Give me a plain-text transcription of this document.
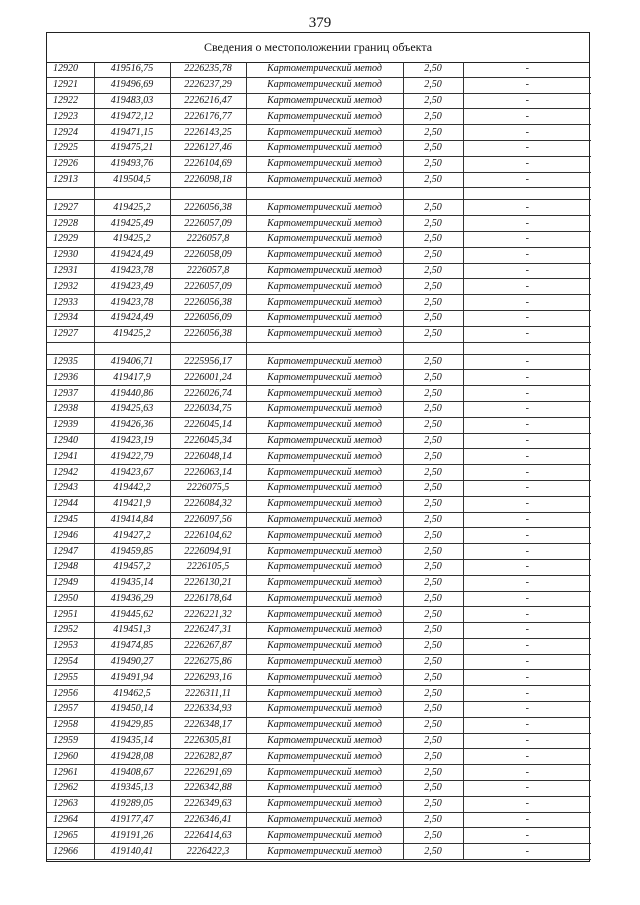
379
Сведения о местоположении границ объекта
12920	419516,75	2226235,78	Картометрический метод	2,50	-
12921	419496,69	2226237,29	Картометрический метод	2,50	-
12922	419483,03	2226216,47	Картометрический метод	2,50	-
12923	419472,12	2226176,77	Картометрический метод	2,50	-
12924	419471,15	2226143,25	Картометрический метод	2,50	-
12925	419475,21	2226127,46	Картометрический метод	2,50	-
12926	419493,76	2226104,69	Картометрический метод	2,50	-
12913	419504,5	2226098,18	Картометрический метод	2,50	-

12927	419425,2	2226056,38	Картометрический метод	2,50	-
12928	419425,49	2226057,09	Картометрический метод	2,50	-
12929	419425,2	2226057,8	Картометрический метод	2,50	-
12930	419424,49	2226058,09	Картометрический метод	2,50	-
12931	419423,78	2226057,8	Картометрический метод	2,50	-
12932	419423,49	2226057,09	Картометрический метод	2,50	-
12933	419423,78	2226056,38	Картометрический метод	2,50	-
12934	419424,49	2226056,09	Картометрический метод	2,50	-
12927	419425,2	2226056,38	Картометрический метод	2,50	-

12935	419406,71	2225956,17	Картометрический метод	2,50	-
12936	419417,9	2226001,24	Картометрический метод	2,50	-
12937	419440,86	2226026,74	Картометрический метод	2,50	-
12938	419425,63	2226034,75	Картометрический метод	2,50	-
12939	419426,36	2226045,14	Картометрический метод	2,50	-
12940	419423,19	2226045,34	Картометрический метод	2,50	-
12941	419422,79	2226048,14	Картометрический метод	2,50	-
12942	419423,67	2226063,14	Картометрический метод	2,50	-
12943	419442,2	2226075,5	Картометрический метод	2,50	-
12944	419421,9	2226084,32	Картометрический метод	2,50	-
12945	419414,84	2226097,56	Картометрический метод	2,50	-
12946	419427,2	2226104,62	Картометрический метод	2,50	-
12947	419459,85	2226094,91	Картометрический метод	2,50	-
12948	419457,2	2226105,5	Картометрический метод	2,50	-
12949	419435,14	2226130,21	Картометрический метод	2,50	-
12950	419436,29	2226178,64	Картометрический метод	2,50	-
12951	419445,62	2226221,32	Картометрический метод	2,50	-
12952	419451,3	2226247,31	Картометрический метод	2,50	-
12953	419474,85	2226267,87	Картометрический метод	2,50	-
12954	419490,27	2226275,86	Картометрический метод	2,50	-
12955	419491,94	2226293,16	Картометрический метод	2,50	-
12956	419462,5	2226311,11	Картометрический метод	2,50	-
12957	419450,14	2226334,93	Картометрический метод	2,50	-
12958	419429,85	2226348,17	Картометрический метод	2,50	-
12959	419435,14	2226305,81	Картометрический метод	2,50	-
12960	419428,08	2226282,87	Картометрический метод	2,50	-
12961	419408,67	2226291,69	Картометрический метод	2,50	-
12962	419345,13	2226342,88	Картометрический метод	2,50	-
12963	419289,05	2226349,63	Картометрический метод	2,50	-
12964	419177,47	2226346,41	Картометрический метод	2,50	-
12965	419191,26	2226414,63	Картометрический метод	2,50	-
12966	419140,41	2226422,3	Картометрический метод	2,50	-
